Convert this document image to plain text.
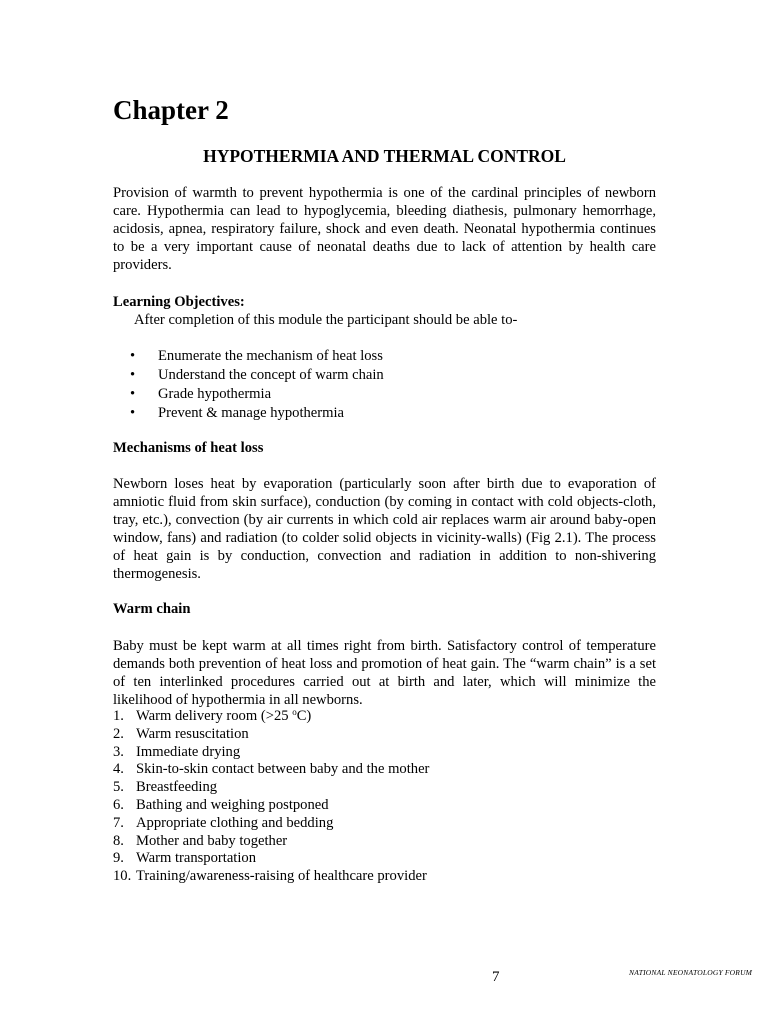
Chapter 2
HYPOTHERMIA AND THERMAL CONTROL

Provision of warmth to prevent hypothermia is one of the cardinal principles of newborn care. Hypothermia can lead to hypoglycemia, bleeding diathesis, pulmonary hemorrhage, acidosis, apnea, respiratory failure, shock and even death. Neonatal hypothermia continues to be a very important cause of neonatal deaths due to lack of attention by health care providers.

Learning Objectives:

After completion of this module the participant should be able to-

• Enumerate the mechanism of heat loss
• Understand the concept of warm chain
• Grade hypothermia
• Prevent & manage hypothermia

Mechanisms of heat loss

Newborn loses heat by evaporation (particularly soon after birth due to evaporation of amniotic fluid from skin surface), conduction (by coming in contact with cold objects-cloth, tray, etc.), convection (by air currents in which cold air replaces warm air around baby-open window, fans) and radiation (to colder solid objects in vicinity-walls) (Fig 2.1). The process of heat gain is by conduction, convection and radiation in addition to non-shivering thermogenesis.

Warm chain

Baby must be kept warm at all times right from birth. Satisfactory control of temperature demands both prevention of heat loss and promotion of heat gain. The “warm chain” is a set of ten interlinked procedures carried out at birth and later, which will minimize the likelihood of hypothermia in all newborns.

1. Warm delivery room (>25 $^o$C)
2. Warm resuscitation
3. Immediate drying
4. Skin-to-skin contact between baby and the mother
5. Breastfeeding
6. Bathing and weighing postponed
7. Appropriate clothing and bedding
8. Mother and baby together
9. Warm transportation
10. Training/awareness-raising of healthcare provider

7	NATIONAL NEONATOLOGY FORUM
